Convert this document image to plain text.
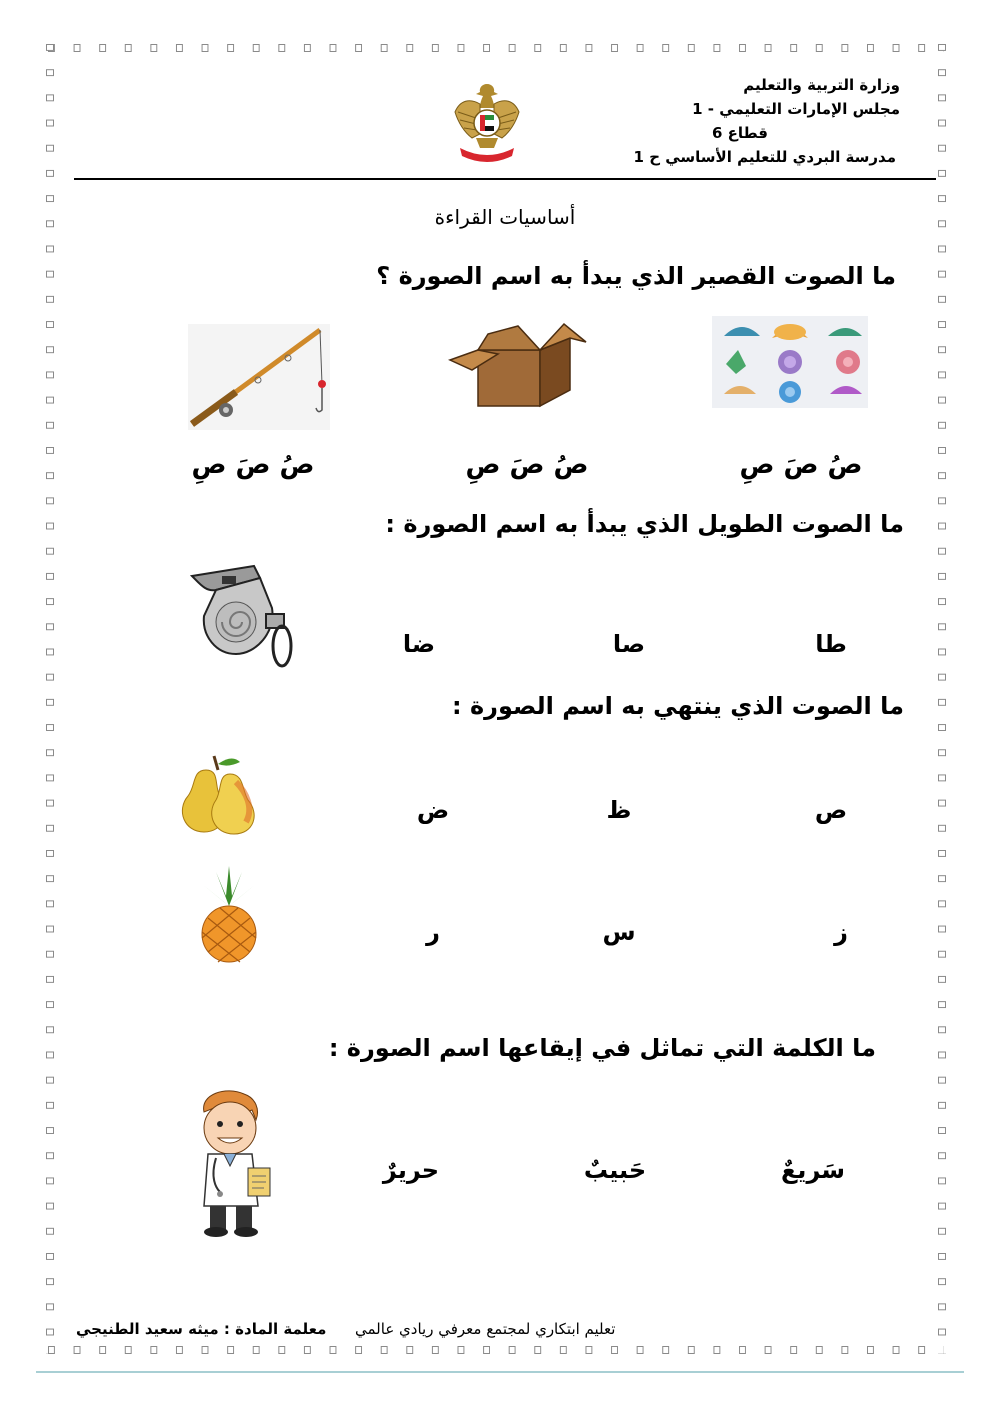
وزارة التربية والتعليم
مجلس الإمارات التعليمي - 1
قطاع 6
مدرسة البردي للتعليم الأساسي ح 1
أساسيات القراءة
ما الصوت القصير الذي يبدأ به اسم الصورة ؟
صُ صَ صِ
صُ صَ صِ
صُ صَ صِ
ما الصوت الطويل الذي يبدأ به اسم الصورة :
طا
صا
ضا
ما الصوت الذي ينتهي به اسم الصورة :
ص
ظ
ض
ز
س
ر
ما الكلمة التي تماثل في إيقاعها اسم الصورة :
سَريعٌ
حَبيبٌ
حريرٌ
تعليم ابتكاري لمجتمع معرفي ريادي عالمي
معلمة المادة : ميثه سعيد الطنيجي
